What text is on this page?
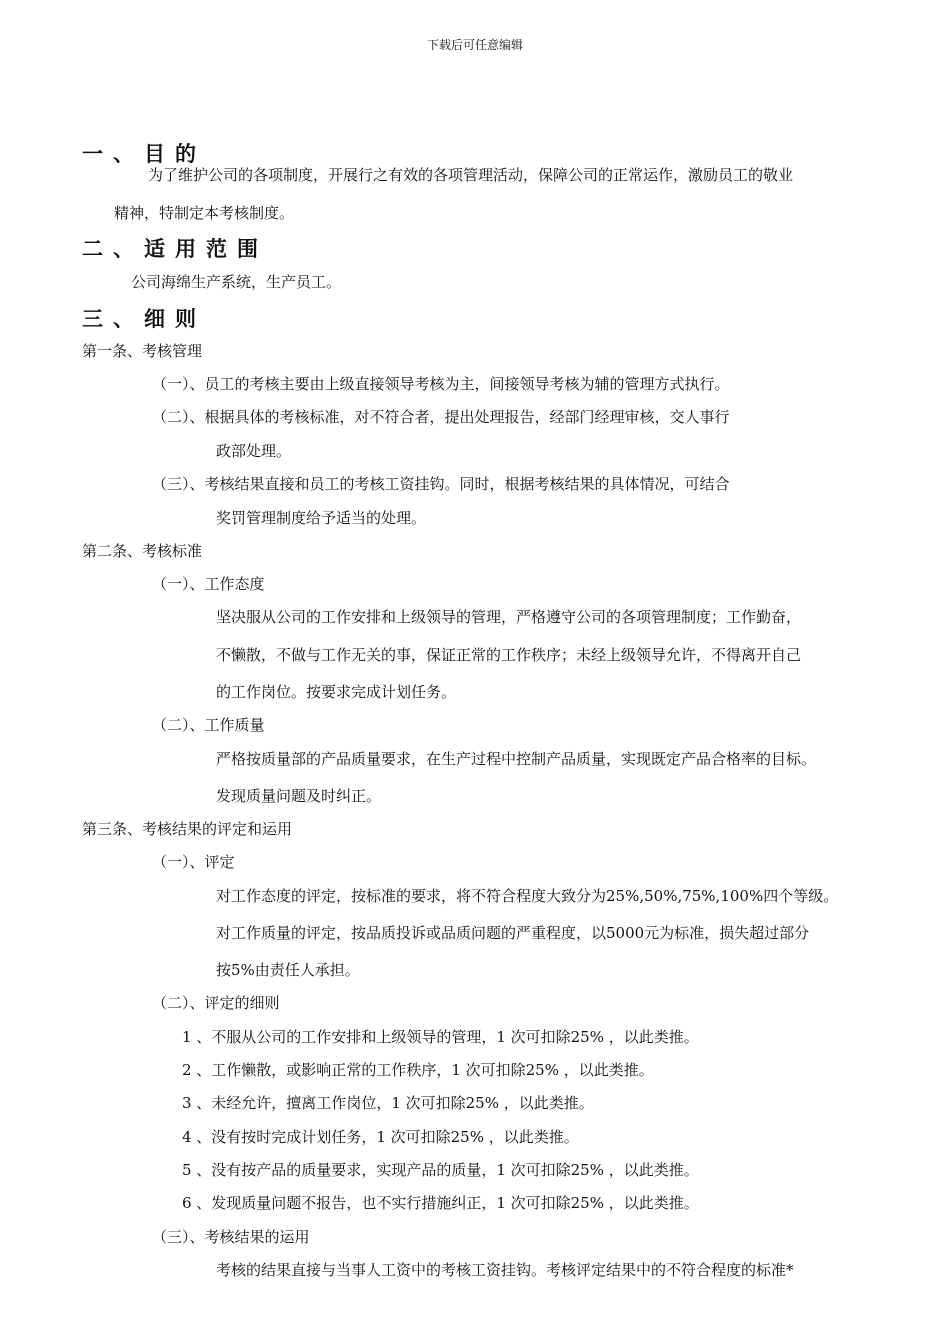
下载后可任意编辑
一、目的
为了维护公司的各项制度，开展行之有效的各项管理活动，保障公司的正常运作，激励员工的敬业
精神，特制定本考核制度。
二、适用范围
公司海绵生产系统，生产员工。
三、细则
第一条、考核管理
（一）、员工的考核主要由上级直接领导考核为主，间接领导考核为辅的管理方式执行。
（二）、根据具体的考核标准，对不符合者，提出处理报告，经部门经理审核，交人事行
政部处理。
（三）、考核结果直接和员工的考核工资挂钩。同时，根据考核结果的具体情况，可结合
奖罚管理制度给予适当的处理。
第二条、考核标准
（一）、工作态度
坚决服从公司的工作安排和上级领导的管理，严格遵守公司的各项管理制度；工作勤奋，
不懒散，不做与工作无关的事，保证正常的工作秩序；未经上级领导允许，不得离开自己
的工作岗位。按要求完成计划任务。
（二）、工作质量
严格按质量部的产品质量要求，在生产过程中控制产品质量，实现既定产品合格率的目标。
发现质量问题及时纠正。
第三条、考核结果的评定和运用
（一）、评定
对工作态度的评定，按标准的要求，将不符合程度大致分为25%,50%,75%,100%四个等级。
对工作质量的评定，按品质投诉或品质问题的严重程度，以5000元为标准，损失超过部分
按5%由责任人承担。
（二）、评定的细则
1 、不服从公司的工作安排和上级领导的管理，1 次可扣除25% ，以此类推。
2 、工作懒散，或影响正常的工作秩序，1 次可扣除25% ，以此类推。
3 、未经允许，擅离工作岗位，1 次可扣除25% ，以此类推。
4 、没有按时完成计划任务，1 次可扣除25% ，以此类推。
5 、没有按产品的质量要求，实现产品的质量，1 次可扣除25% ，以此类推。
6 、发现质量问题不报告，也不实行措施纠正，1 次可扣除25% ，以此类推。
（三）、考核结果的运用
考核的结果直接与当事人工资中的考核工资挂钩。考核评定结果中的不符合程度的标准*
